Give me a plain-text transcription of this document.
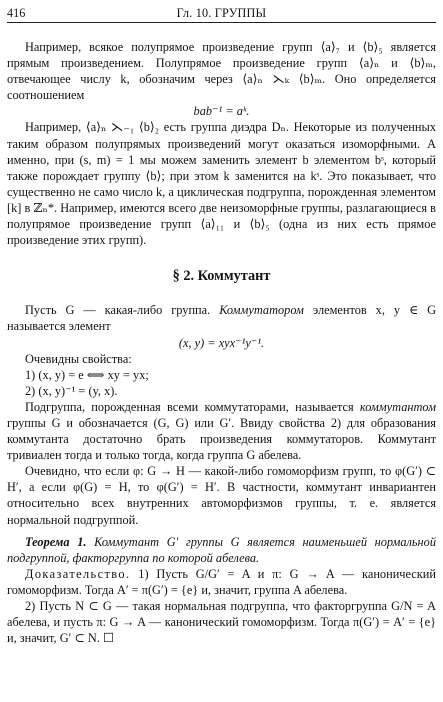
416	Гл. 10. ГРУППЫ

Например, всякое полупрямое произведение групп ⟨a⟩₇ и ⟨b⟩₅ является прямым произведением. Полупрямое произведение групп ⟨a⟩ₙ и ⟨b⟩ₘ, отвечающее числу k, обозначим через ⟨a⟩ₙ ⋋ₖ ⟨b⟩ₘ. Оно определяется соотношением

bab⁻¹ = aᵏ.

Например, ⟨a⟩ₙ ⋋₋₁ ⟨b⟩₂ есть группа диэдра Dₙ. Некоторые из полученных таким образом полупрямых произведений могут оказаться изоморфными. А именно, при (s, m) = 1 мы можем заменить элемент b элементом bˢ, который также порождает группу ⟨b⟩; при этом k заменится на kˢ. Это показывает, что существенно не само число k, а циклическая подгруппа, порожденная элементом [k] в ℤₙ*. Например, имеются всего две неизоморфные группы, разлагающиеся в полупрямое произведение групп ⟨a⟩₁₁ и ⟨b⟩₅ (одна из них есть прямое произведение этих групп).

§ 2. Коммутант

Пусть G — какая-либо группа. Коммутатором элементов x, y ∈ G называется элемент

(x, y) = xyx⁻¹y⁻¹.

Очевидны свойства:

1) (x, y) = e ⟺ xy = yx;

2) (x, y)⁻¹ = (y, x).

Подгруппа, порожденная всеми коммутаторами, называется коммутантом группы G и обозначается (G, G) или G′. Ввиду свойства 2) для образования коммутанта достаточно брать произведения коммутаторов. Коммутант тривиален тогда и только тогда, когда группа G абелева.

Очевидно, что если φ: G → H — какой-либо гомоморфизм групп, то φ(G′) ⊂ H′, а если φ(G) = H, то φ(G′) = H′. В частности, коммутант инвариантен относительно всех внутренних автоморфизмов группы, т. е. является нормальной подгруппой.

Теорема 1. Коммутант G′ группы G является наименьшей нормальной подгруппой, факторгруппа по которой абелева.

Доказательство. 1) Пусть G/G′ = A и π: G → A — канонический гомоморфизм. Тогда A′ = π(G′) = {e} и, значит, группа A абелева.

2) Пусть N ⊂ G — такая нормальная подгруппа, что факторгруппа G/N = A абелева, и пусть π: G → A — канонический гомоморфизм. Тогда π(G′) = A′ = {e} и, значит, G′ ⊂ N. ☐
